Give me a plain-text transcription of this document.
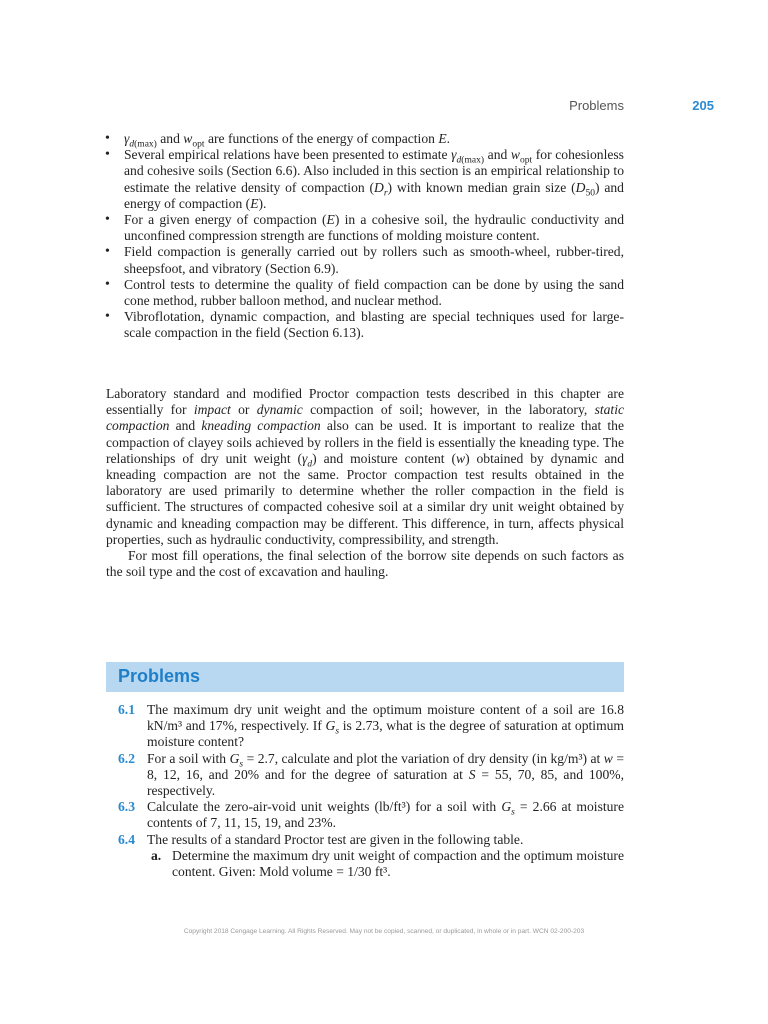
Problems	205
• $\gamma_{d(max)}$ and $w_{opt}$ are functions of the energy of compaction E.
• Several empirical relations have been presented to estimate $\gamma_{d(max)}$ and $w_{opt}$ for cohesionless and cohesive soils (Section 6.6). Also included in this section is an empirical relationship to estimate the relative density of compaction $(D_r)$ with known median grain size $(D_{50})$ and energy of compaction (E).
• For a given energy of compaction (E) in a cohesive soil, the hydraulic conductivity and unconfined compression strength are functions of molding moisture content.
• Field compaction is generally carried out by rollers such as smooth-wheel, rubber-tired, sheepsfoot, and vibratory (Section 6.9).
• Control tests to determine the quality of field compaction can be done by using the sand cone method, rubber balloon method, and nuclear method.
• Vibroflotation, dynamic compaction, and blasting are special techniques used for large-scale compaction in the field (Section 6.13).

Laboratory standard and modified Proctor compaction tests described in this chapter are essentially for impact or dynamic compaction of soil; however, in the laboratory, static compaction and kneading compaction also can be used. It is important to realize that the compaction of clayey soils achieved by rollers in the field is essentially the kneading type. The relationships of dry unit weight $(\gamma_d)$ and moisture content (w) obtained by dynamic and kneading compaction are not the same. Proctor compaction test results obtained in the laboratory are used primarily to determine whether the roller compaction in the field is sufficient. The structures of compacted cohesive soil at a similar dry unit weight obtained by dynamic and kneading compaction may be different. This difference, in turn, affects physical properties, such as hydraulic conductivity, compressibility, and strength.

For most fill operations, the final selection of the borrow site depends on such factors as the soil type and the cost of excavation and hauling.

Problems
6.1 The maximum dry unit weight and the optimum moisture content of a soil are 16.8 kN/m³ and 17%, respectively. If $G_s$ is 2.73, what is the degree of saturation at optimum moisture content?
6.2 For a soil with $G_s = 2.7$, calculate and plot the variation of dry density (in kg/m³) at w = 8, 12, 16, and 20% and for the degree of saturation at S = 55, 70, 85, and 100%, respectively.
6.3 Calculate the zero-air-void unit weights (lb/ft³) for a soil with $G_s = 2.66$ at moisture contents of 7, 11, 15, 19, and 23%.
6.4 The results of a standard Proctor test are given in the following table.
a. Determine the maximum dry unit weight of compaction and the optimum moisture content. Given: Mold volume = 1/30 ft³.
Copyright 2018 Cengage Learning. All Rights Reserved. May not be copied, scanned, or duplicated, in whole or in part. WCN 02-200-203
